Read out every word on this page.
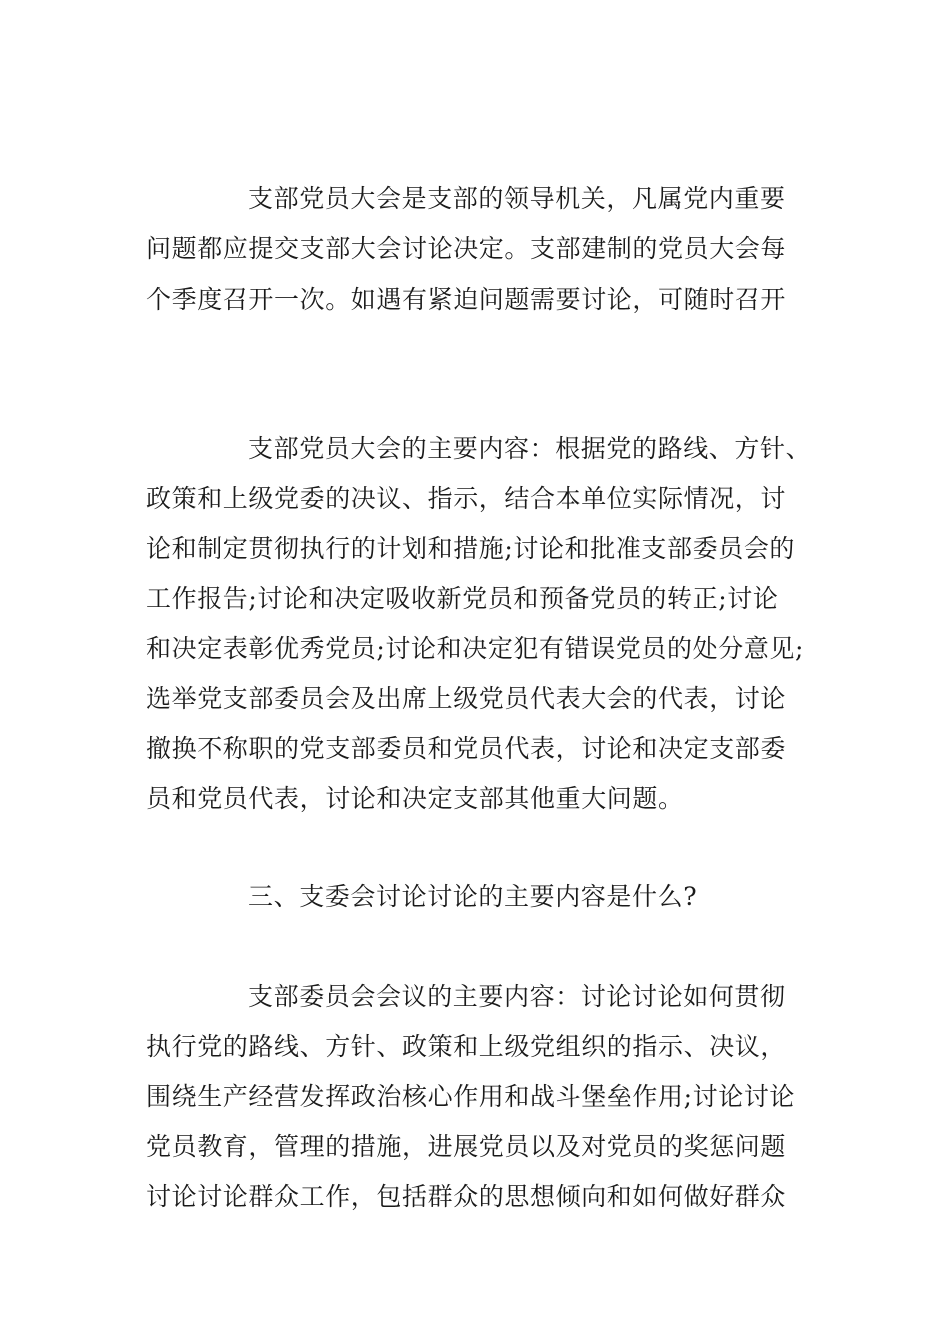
支部党员大会是支部的领导机关，凡属党内重要
问题都应提交支部大会讨论决定。支部建制的党员大会每
个季度召开一次。如遇有紧迫问题需要讨论，可随时召开
支部党员大会的主要内容：根据党的路线、方针、
政策和上级党委的决议、指示，结合本单位实际情况，讨
论和制定贯彻执行的计划和措施;讨论和批准支部委员会的
工作报告;讨论和决定吸收新党员和预备党员的转正;讨论
和决定表彰优秀党员;讨论和决定犯有错误党员的处分意见;
选举党支部委员会及出席上级党员代表大会的代表，讨论
撤换不称职的党支部委员和党员代表，讨论和决定支部委
员和党员代表，讨论和决定支部其他重大问题。
三、支委会讨论讨论的主要内容是什么?
支部委员会会议的主要内容：讨论讨论如何贯彻
执行党的路线、方针、政策和上级党组织的指示、决议，
围绕生产经营发挥政治核心作用和战斗堡垒作用;讨论讨论
党员教育，管理的措施，进展党员以及对党员的奖惩问题
讨论讨论群众工作，包括群众的思想倾向和如何做好群众
